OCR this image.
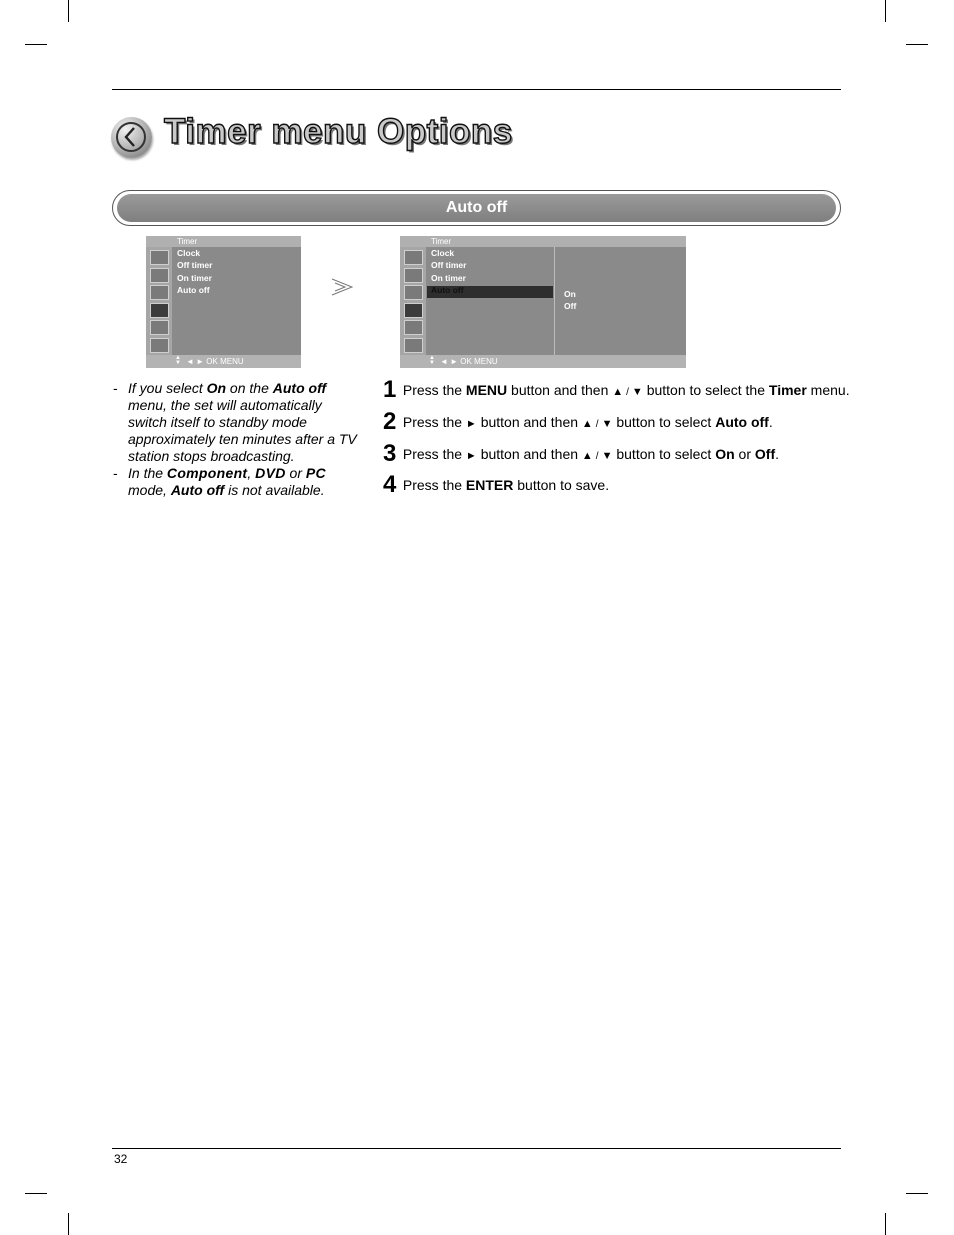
Timer menu Options
Auto off
Timer
Clock
Off timer
On timer
Auto off
▲
▼ ◄ ► OK MENU
Timer
Clock
Off timer
On timer
Auto off	On
Off
▲
▼ ◄ ► OK MENU
- If you select On on the Auto off menu, the set will automatically switch itself to standby mode approximately ten minutes after a TV station stops broadcasting.
- In the Component, DVD or PC mode, Auto off is not available.
1 Press the MENU button and then ▲ / ▼ button to select the Timer menu.
2 Press the ► button and then ▲ / ▼ button to select Auto off.
3 Press the ► button and then ▲ / ▼ button to select On or Off.
4 Press the ENTER button to save.
32
